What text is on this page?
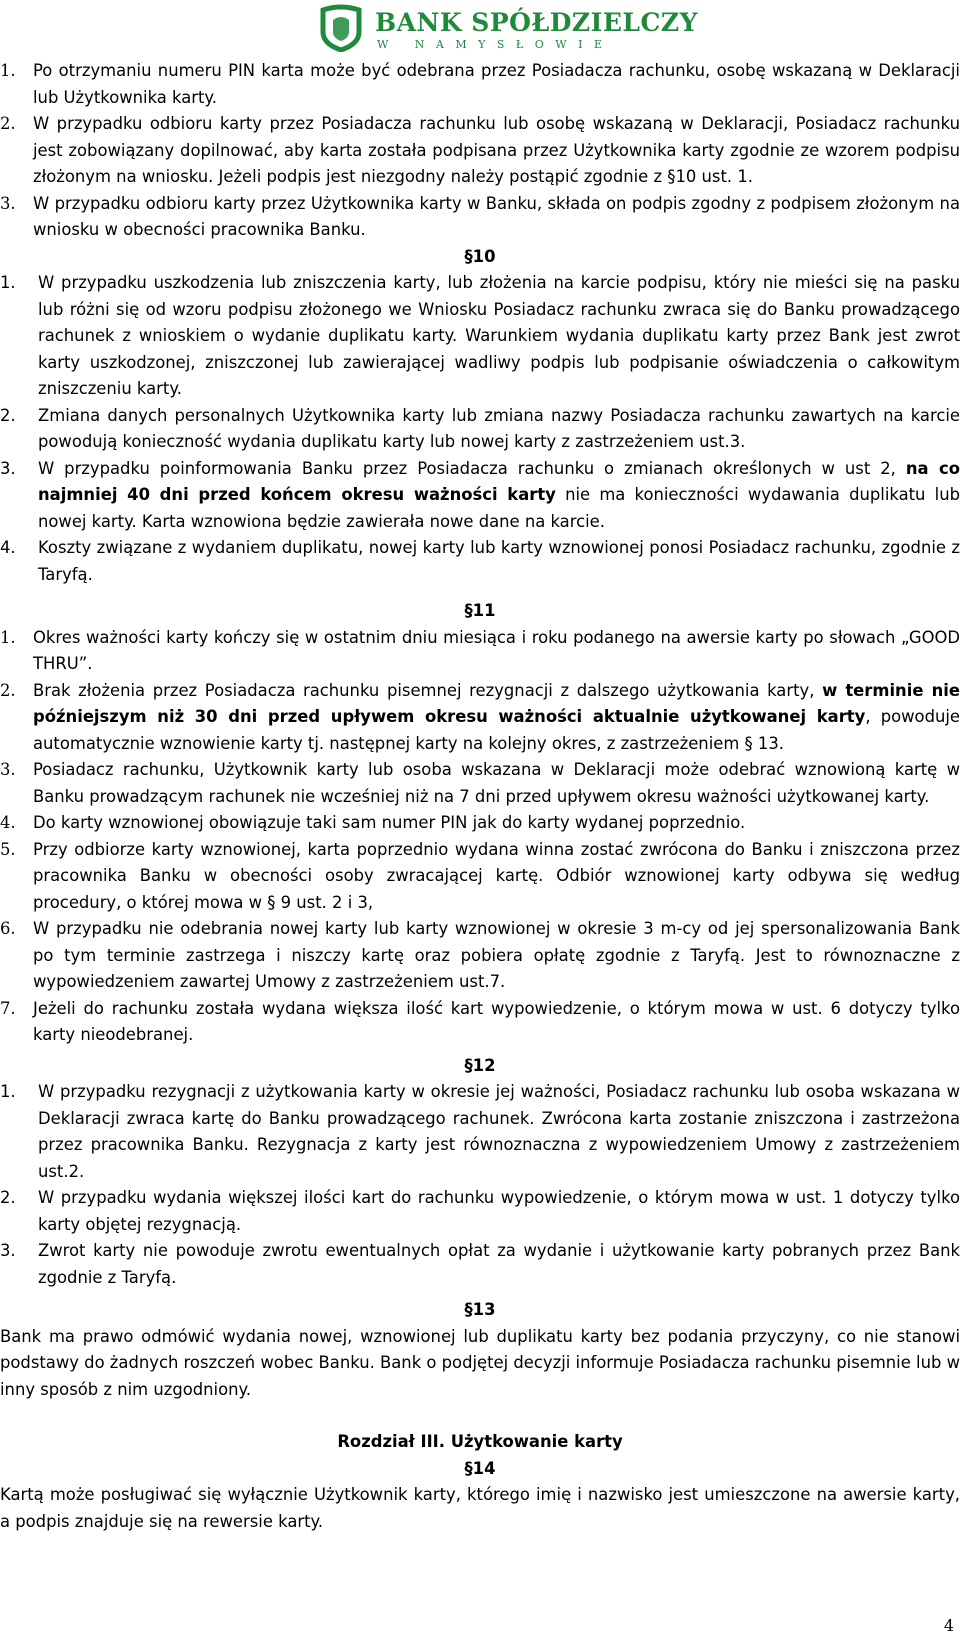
BANK SPÓŁDZIELCZY
W NAMYSŁOWIE
1. Po otrzymaniu numeru PIN karta może być odebrana przez Posiadacza rachunku, osobę wskazaną w Deklaracji lub Użytkownika karty.
2. W przypadku odbioru karty przez Posiadacza rachunku lub osobę wskazaną w Deklaracji, Posiadacz rachunku jest zobowiązany dopilnować, aby karta została podpisana przez Użytkownika karty zgodnie ze wzorem podpisu złożonym na wniosku. Jeżeli podpis jest niezgodny należy postąpić zgodnie z §10 ust. 1.
3. W przypadku odbioru karty przez Użytkownika karty w Banku, składa on podpis zgodny z podpisem złożonym na wniosku w obecności pracownika Banku.
§10
1. W przypadku uszkodzenia lub zniszczenia karty, lub złożenia na karcie podpisu, który nie mieści się na pasku lub różni się od wzoru podpisu złożonego we Wniosku Posiadacz rachunku zwraca się do Banku prowadzącego rachunek z wnioskiem o wydanie duplikatu karty. Warunkiem wydania duplikatu karty przez Bank jest zwrot karty uszkodzonej, zniszczonej lub zawierającej wadliwy podpis lub podpisanie oświadczenia o całkowitym zniszczeniu karty.
2. Zmiana danych personalnych Użytkownika karty lub zmiana nazwy Posiadacza rachunku zawartych na karcie powodują konieczność wydania duplikatu karty lub nowej karty z zastrzeżeniem ust.3.
3. W przypadku poinformowania Banku przez Posiadacza rachunku o zmianach określonych w ust 2, na co najmniej 40 dni przed końcem okresu ważności karty nie ma konieczności wydawania duplikatu lub nowej karty. Karta wznowiona będzie zawierała nowe dane na karcie.
4. Koszty związane z wydaniem duplikatu, nowej karty lub karty wznowionej ponosi Posiadacz rachunku, zgodnie z Taryfą.
§11
1. Okres ważności karty kończy się w ostatnim dniu miesiąca i roku podanego na awersie karty po słowach „GOOD THRU”.
2. Brak złożenia przez Posiadacza rachunku pisemnej rezygnacji z dalszego użytkowania karty, w terminie nie późniejszym niż 30 dni przed upływem okresu ważności aktualnie użytkowanej karty, powoduje automatycznie wznowienie karty tj. następnej karty na kolejny okres, z zastrzeżeniem § 13.
3. Posiadacz rachunku, Użytkownik karty lub osoba wskazana w Deklaracji może odebrać wznowioną kartę w Banku prowadzącym rachunek nie wcześniej niż na 7 dni przed upływem okresu ważności użytkowanej karty.
4. Do karty wznowionej obowiązuje taki sam numer PIN jak do karty wydanej poprzednio.
5. Przy odbiorze karty wznowionej, karta poprzednio wydana winna zostać zwrócona do Banku i zniszczona przez pracownika Banku w obecności osoby zwracającej kartę. Odbiór wznowionej karty odbywa się według procedury, o której mowa w § 9 ust. 2 i 3,
6. W przypadku nie odebrania nowej karty lub karty wznowionej w okresie 3 m-cy od jej spersonalizowania Bank po tym terminie zastrzega i niszczy kartę oraz pobiera opłatę zgodnie z Taryfą. Jest to równoznaczne z wypowiedzeniem zawartej Umowy z zastrzeżeniem ust.7.
7. Jeżeli do rachunku została wydana większa ilość kart wypowiedzenie, o którym mowa w ust. 6 dotyczy tylko karty nieodebranej.
§12
1. W przypadku rezygnacji z użytkowania karty w okresie jej ważności, Posiadacz rachunku lub osoba wskazana w Deklaracji zwraca kartę do Banku prowadzącego rachunek. Zwrócona karta zostanie zniszczona i zastrzeżona przez pracownika Banku. Rezygnacja z karty jest równoznaczna z wypowiedzeniem Umowy z zastrzeżeniem ust.2.
2. W przypadku wydania większej ilości kart do rachunku wypowiedzenie, o którym mowa w ust. 1 dotyczy tylko karty objętej rezygnacją.
3. Zwrot karty nie powoduje zwrotu ewentualnych opłat za wydanie i użytkowanie karty pobranych przez Bank zgodnie z Taryfą.
§13
Bank ma prawo odmówić wydania nowej, wznowionej lub duplikatu karty bez podania przyczyny, co nie stanowi podstawy do żadnych roszczeń wobec Banku. Bank o podjętej decyzji informuje Posiadacza rachunku pisemnie lub w inny sposób z nim uzgodniony.
Rozdział III. Użytkowanie karty
§14
Kartą może posługiwać się wyłącznie Użytkownik karty, którego imię i nazwisko jest umieszczone na awersie karty, a podpis znajduje się na rewersie karty.
4
